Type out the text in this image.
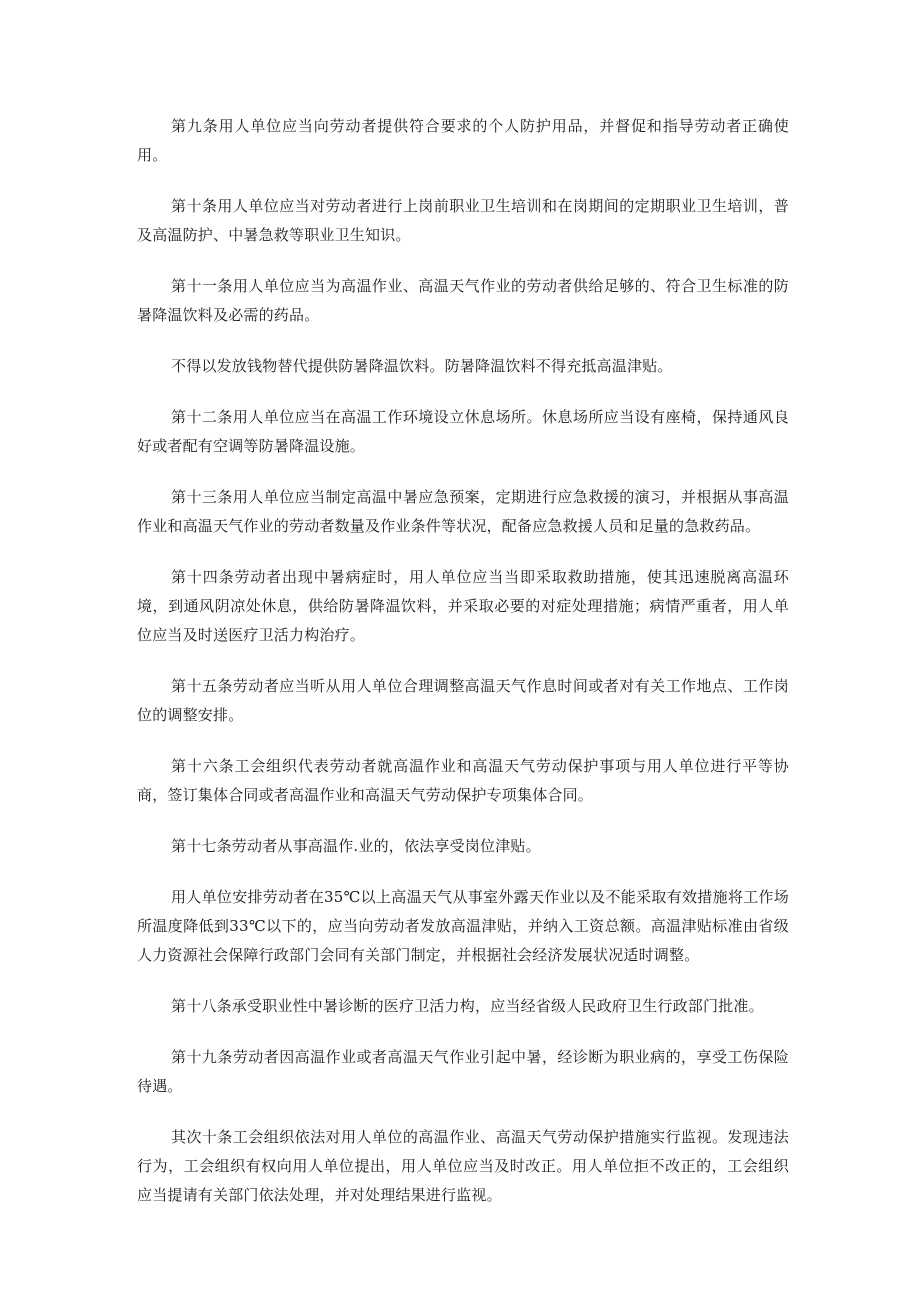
第九条用人单位应当向劳动者提供符合要求的个人防护用品，并督促和指导劳动者正确使用。

第十条用人单位应当对劳动者进行上岗前职业卫生培训和在岗期间的定期职业卫生培训，普及高温防护、中暑急救等职业卫生知识。

第十一条用人单位应当为高温作业、高温天气作业的劳动者供给足够的、符合卫生标准的防暑降温饮料及必需的药品。

不得以发放钱物替代提供防暑降温饮料。防暑降温饮料不得充抵高温津贴。

第十二条用人单位应当在高温工作环境设立休息场所。休息场所应当设有座椅，保持通风良好或者配有空调等防暑降温设施。

第十三条用人单位应当制定高温中暑应急预案，定期进行应急救援的演习，并根据从事高温作业和高温天气作业的劳动者数量及作业条件等状况，配备应急救援人员和足量的急救药品。

第十四条劳动者出现中暑病症时，用人单位应当当即采取救助措施，使其迅速脱离高温环境，到通风阴凉处休息，供给防暑降温饮料，并采取必要的对症处理措施；病情严重者，用人单位应当及时送医疗卫活力构治疗。

第十五条劳动者应当听从用人单位合理调整高温天气作息时间或者对有关工作地点、工作岗位的调整安排。

第十六条工会组织代表劳动者就高温作业和高温天气劳动保护事项与用人单位进行平等协商，签订集体合同或者高温作业和高温天气劳动保护专项集体合同。

第十七条劳动者从事高温作.业的，依法享受岗位津贴。

用人单位安排劳动者在35℃以上高温天气从事室外露天作业以及不能采取有效措施将工作场所温度降低到33℃以下的，应当向劳动者发放高温津贴，并纳入工资总额。高温津贴标准由省级人力资源社会保障行政部门会同有关部门制定，并根据社会经济发展状况适时调整。

第十八条承受职业性中暑诊断的医疗卫活力构，应当经省级人民政府卫生行政部门批准。

第十九条劳动者因高温作业或者高温天气作业引起中暑，经诊断为职业病的，享受工伤保险待遇。

其次十条工会组织依法对用人单位的高温作业、高温天气劳动保护措施实行监视。发现违法行为，工会组织有权向用人单位提出，用人单位应当及时改正。用人单位拒不改正的，工会组织应当提请有关部门依法处理，并对处理结果进行监视。
